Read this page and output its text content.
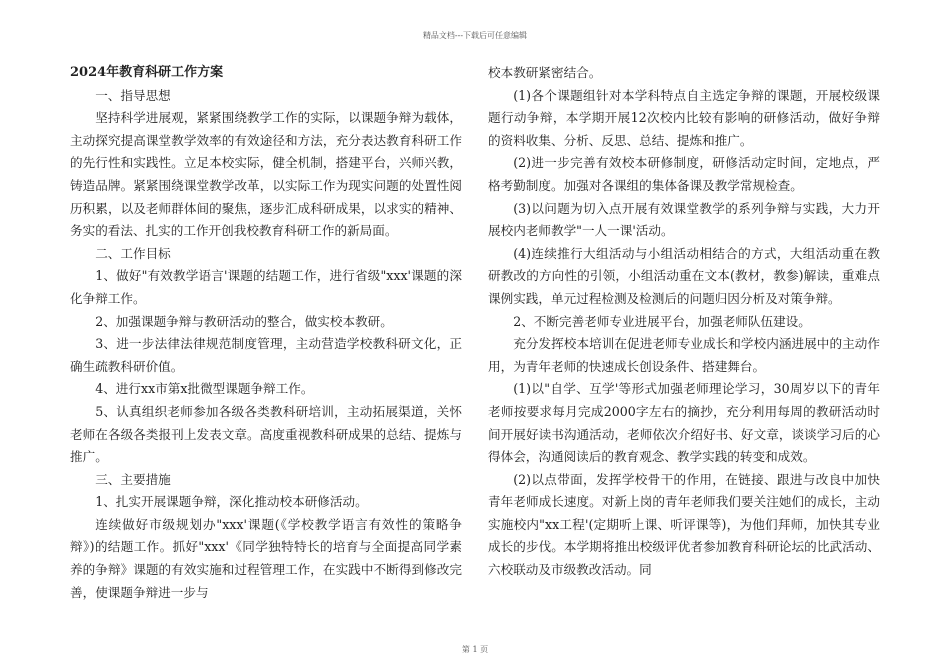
精品文档---下载后可任意编辑

2024年教育科研工作方案

一、指导思想

坚持科学进展观，紧紧围绕教学工作的实际，以课题争辩为载体，主动探究提高课堂教学效率的有效途径和方法，充分表达教育科研工作的先行性和实践性。立足本校实际，健全机制，搭建平台，兴师兴教，铸造品牌。紧紧围绕课堂教学改革，以实际工作为现实问题的处置性阅历积累，以及老师群体间的聚焦，逐步汇成科研成果，以求实的精神、务实的看法、扎实的工作开创我校教育科研工作的新局面。

二、工作目标

1、做好"有效教学语言'课题的结题工作，进行省级"xxx'课题的深化争辩工作。

2、加强课题争辩与教研活动的整合，做实校本教研。

3、进一步法律法律规范制度管理，主动营造学校教科研文化，正确生疏教科研价值。

4、进行xx市第x批微型课题争辩工作。

5、认真组织老师参加各级各类教科研培训，主动拓展渠道，关怀老师在各级各类报刊上发表文章。高度重视教科研成果的总结、提炼与推广。

三、主要措施

1、扎实开展课题争辩，深化推动校本研修活动。

连续做好市级规划办"xxx'课题(《学校教学语言有效性的策略争辩》)的结题工作。抓好"xxx'《同学独特特长的培育与全面提高同学素养的争辩》课题的有效实施和过程管理工作，在实践中不断得到修改完善，使课题争辩进一步与

校本教研紧密结合。

(1)各个课题组针对本学科特点自主选定争辩的课题，开展校级课题行动争辩，本学期开展12次校内比较有影响的研修活动，做好争辩的资料收集、分析、反思、总结、提炼和推广。

(2)进一步完善有效校本研修制度，研修活动定时间，定地点，严格考勤制度。加强对各课组的集体备课及教学常规检查。

(3)以问题为切入点开展有效课堂教学的系列争辩与实践，大力开展校内老师教学"一人一课'活动。

(4)连续推行大组活动与小组活动相结合的方式，大组活动重在教研教改的方向性的引领，小组活动重在文本(教材，教参)解读，重难点课例实践，单元过程检测及检测后的问题归因分析及对策争辩。

2、不断完善老师专业进展平台，加强老师队伍建设。

充分发挥校本培训在促进老师专业成长和学校内涵进展中的主动作用，为青年老师的快速成长创设条件、搭建舞台。

(1)以"自学、互学'等形式加强老师理论学习，30周岁以下的青年老师按要求每月完成2000字左右的摘抄，充分利用每周的教研活动时间开展好读书沟通活动，老师依次介绍好书、好文章，谈谈学习后的心得体会，沟通阅读后的教育观念、教学实践的转变和成效。

(2)以点带面，发挥学校骨干的作用，在链接、跟进与改良中加快青年老师成长速度。对新上岗的青年老师我们要关注她们的成长，主动实施校内"xx工程'(定期听上课、听评课等)，为他们拜师，加快其专业成长的步伐。本学期将推出校级评优者参加教育科研论坛的比武活动、六校联动及市级教改活动。同

第 1 页
